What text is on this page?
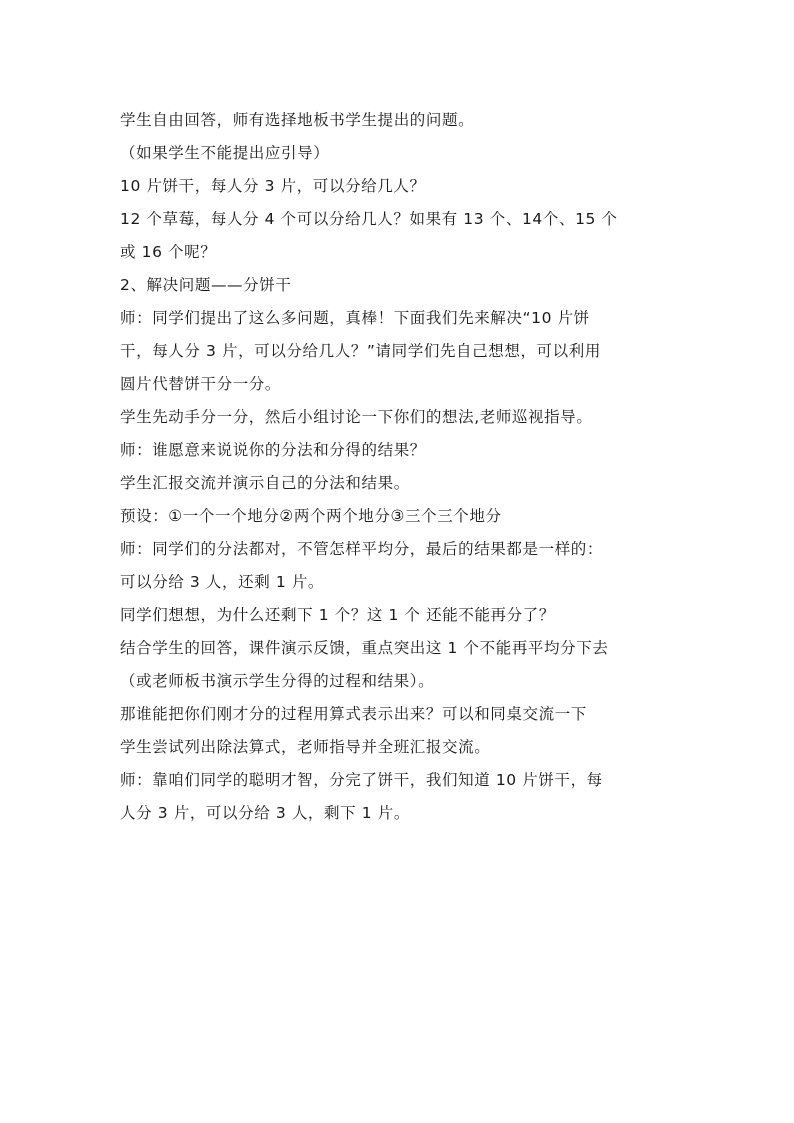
学生自由回答，师有选择地板书学生提出的问题。
（如果学生不能提出应引导）
10 片饼干，每人分 3 片，可以分给几人？
12 个草莓，每人分 4 个可以分给几人？如果有 13 个、14个、15 个
或 16 个呢？
2、解决问题——分饼干
师：同学们提出了这么多问题，真棒！下面我们先来解决“10 片饼
干，每人分 3 片，可以分给几人？”请同学们先自己想想，可以利用
圆片代替饼干分一分。
学生先动手分一分，然后小组讨论一下你们的想法,老师巡视指导。
师：谁愿意来说说你的分法和分得的结果？
学生汇报交流并演示自己的分法和结果。
预设：①一个一个地分②两个两个地分③三个三个地分
师：同学们的分法都对，不管怎样平均分，最后的结果都是一样的：
可以分给 3 人，还剩 1 片。
同学们想想，为什么还剩下 1 个？这 1 个 还能不能再分了？
结合学生的回答，课件演示反馈，重点突出这 1 个不能再平均分下去
（或老师板书演示学生分得的过程和结果）。
那谁能把你们刚才分的过程用算式表示出来？可以和同桌交流一下
学生尝试列出除法算式，老师指导并全班汇报交流。
师：靠咱们同学的聪明才智，分完了饼干，我们知道 10 片饼干，每
人分 3 片，可以分给 3 人，剩下 1 片。
